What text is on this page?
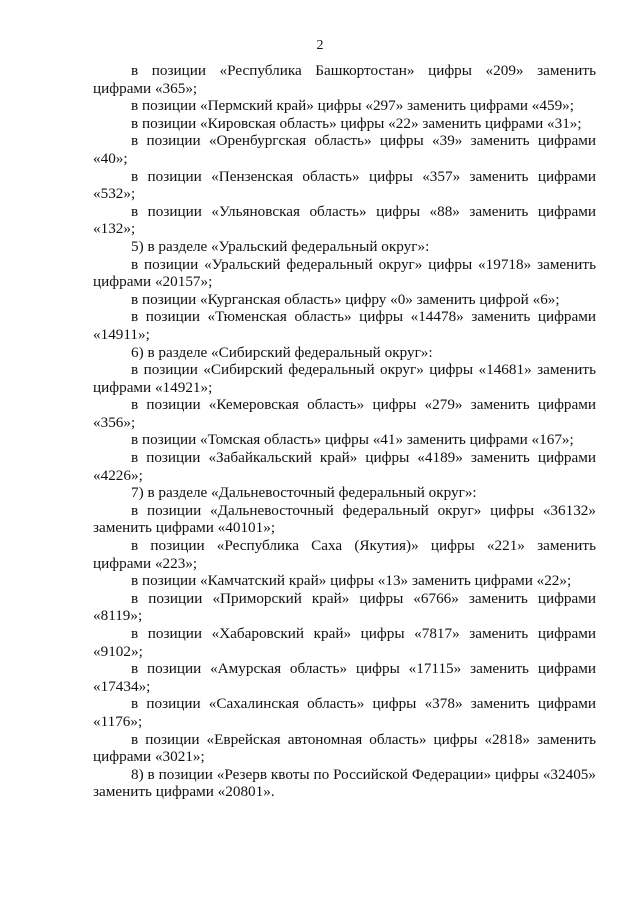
2

в позиции «Республика Башкортостан» цифры «209» заменить цифрами «365»;

в позиции «Пермский край» цифры «297» заменить цифрами «459»;

в позиции «Кировская область» цифры «22» заменить цифрами «31»;

в позиции «Оренбургская область» цифры «39» заменить цифрами «40»;

в позиции «Пензенская область» цифры «357» заменить цифрами «532»;

в позиции «Ульяновская область» цифры «88» заменить цифрами «132»;

5) в разделе «Уральский федеральный округ»:

в позиции «Уральский федеральный округ» цифры «19718» заменить цифрами «20157»;

в позиции «Курганская область» цифру «0» заменить цифрой «6»;

в позиции «Тюменская область» цифры «14478» заменить цифрами «14911»;

6) в разделе «Сибирский федеральный округ»:

в позиции «Сибирский федеральный округ» цифры «14681» заменить цифрами «14921»;

в позиции «Кемеровская область» цифры «279» заменить цифрами «356»;

в позиции «Томская область» цифры «41» заменить цифрами «167»;

в позиции «Забайкальский край» цифры «4189» заменить цифрами «4226»;

7) в разделе «Дальневосточный федеральный округ»:

в позиции «Дальневосточный федеральный округ» цифры «36132» заменить цифрами «40101»;

в позиции «Республика Саха (Якутия)» цифры «221» заменить цифрами «223»;

в позиции «Камчатский край» цифры «13» заменить цифрами «22»;

в позиции «Приморский край» цифры «6766» заменить цифрами «8119»;

в позиции «Хабаровский край» цифры «7817» заменить цифрами «9102»;

в позиции «Амурская область» цифры «17115» заменить цифрами «17434»;

в позиции «Сахалинская область» цифры «378» заменить цифрами «1176»;

в позиции «Еврейская автономная область» цифры «2818» заменить цифрами «3021»;

8) в позиции «Резерв квоты по Российской Федерации» цифры «32405» заменить цифрами «20801».
